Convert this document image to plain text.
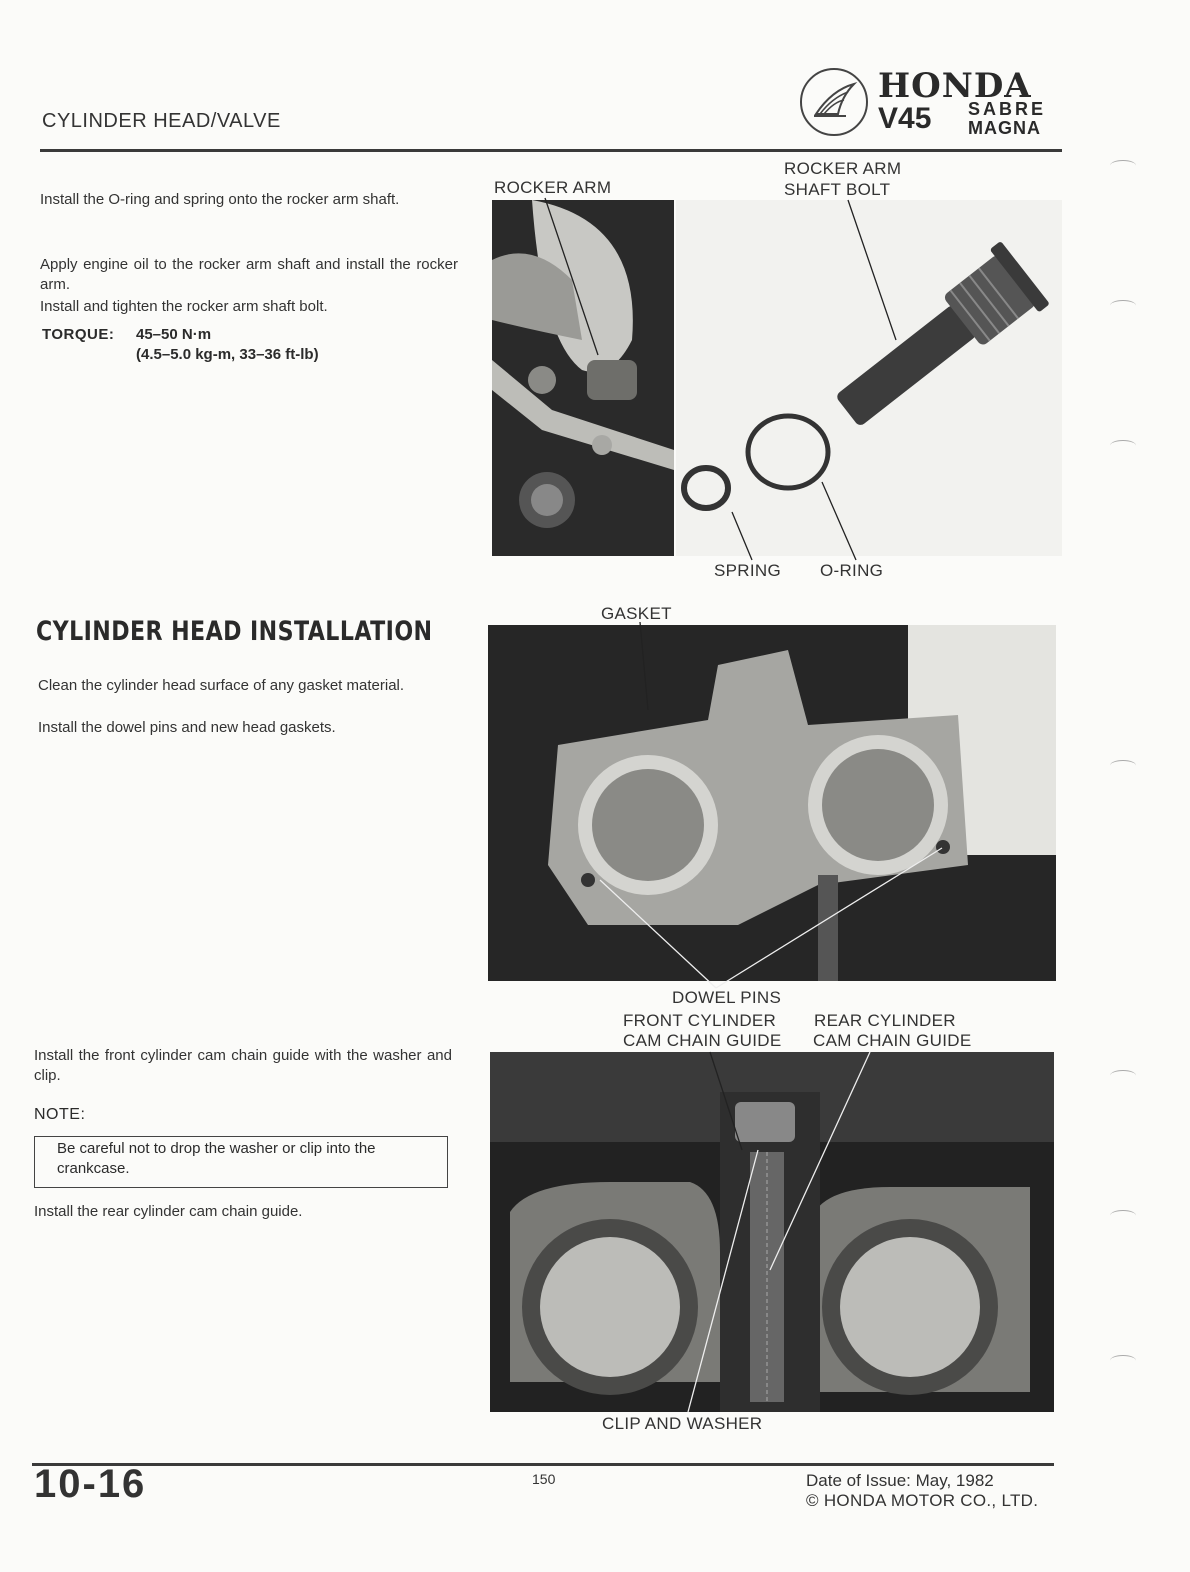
CYLINDER HEAD/VALVE
HONDA
V45 SABRE
MAGNA
Install the O-ring and spring onto the rocker arm shaft.
Apply engine oil to the rocker arm shaft and install the rocker arm.
Install and tighten the rocker arm shaft bolt.
TORQUE: 45–50 N·m
(4.5–5.0 kg-m, 33–36 ft-lb)
ROCKER ARM
ROCKER ARM
SHAFT BOLT
SPRING O-RING
CYLINDER HEAD INSTALLATION
Clean the cylinder head surface of any gasket material.
Install the dowel pins and new head gaskets.
GASKET
DOWEL PINS
Install the front cylinder cam chain guide with the washer and clip.
NOTE:
Be careful not to drop the washer or clip into the crankcase.
Install the rear cylinder cam chain guide.
FRONT CYLINDER
CAM CHAIN GUIDE
REAR CYLINDER
CAM CHAIN GUIDE
CLIP AND WASHER
10-16	150	Date of Issue: May, 1982
© HONDA MOTOR CO., LTD.
